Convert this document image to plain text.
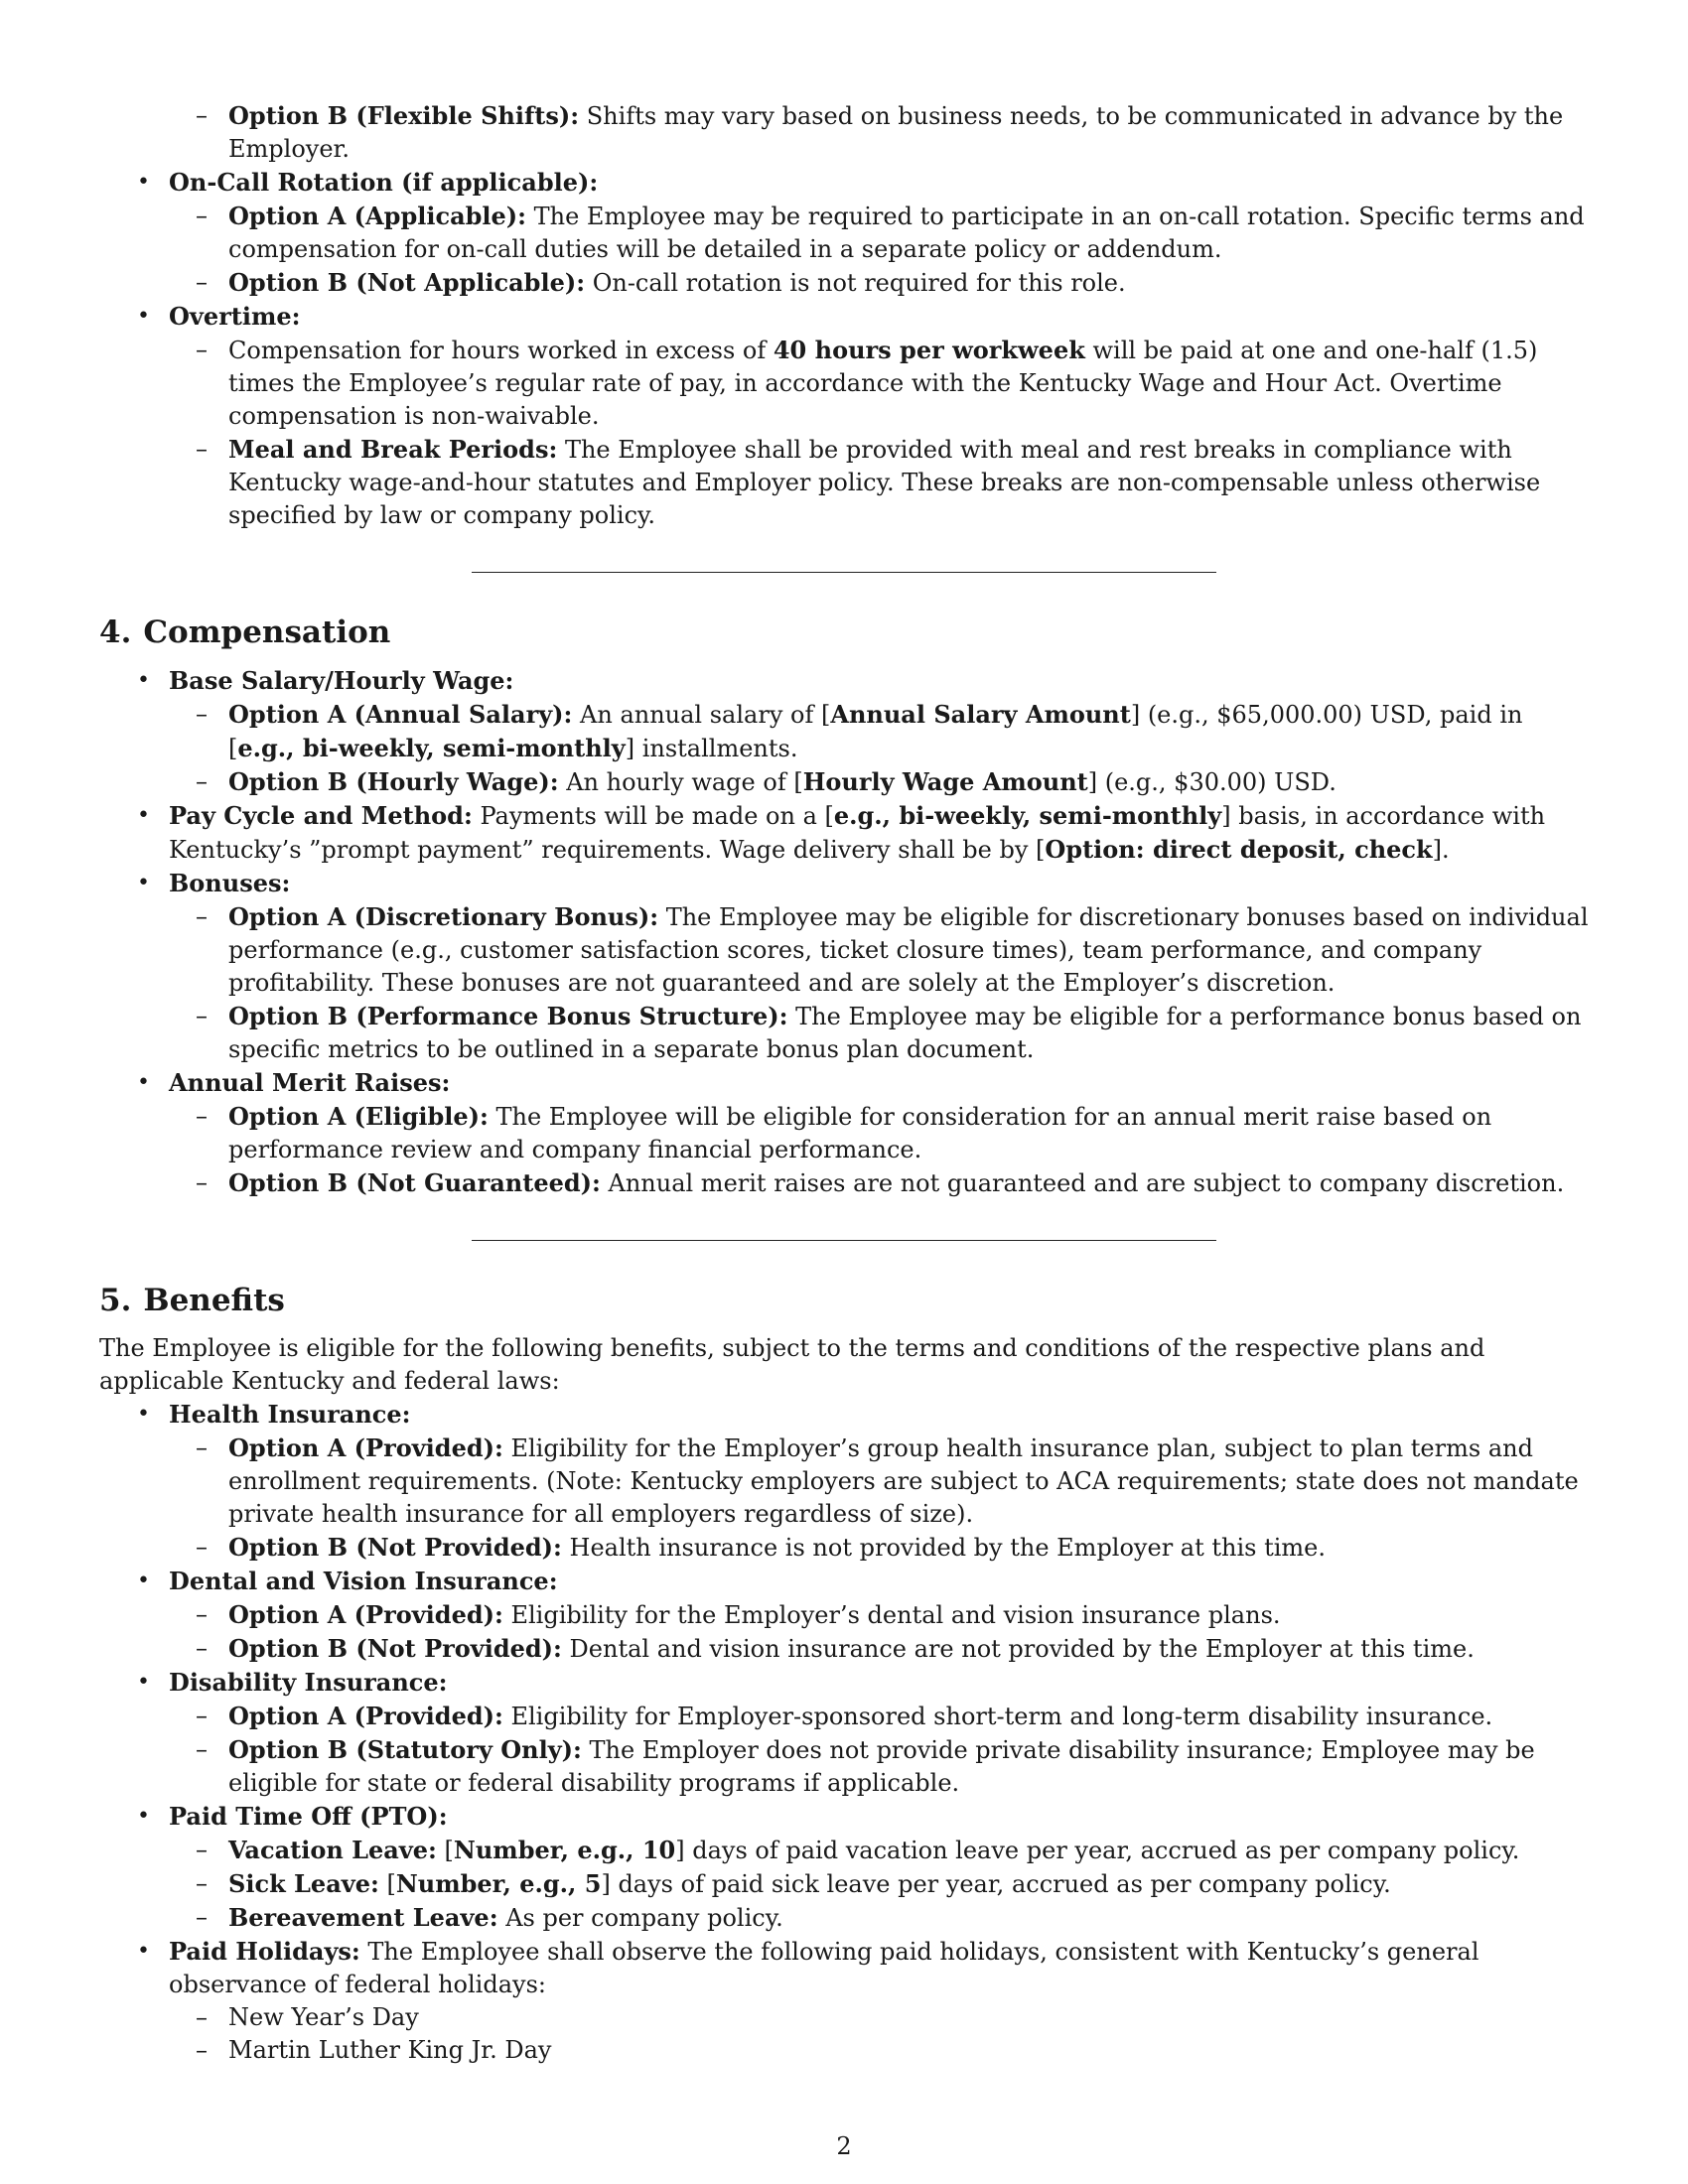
– Option B (Flexible Shifts): Shifts may vary based on business needs, to be communicated in advance by the Employer.
• On-Call Rotation (if applicable):
– Option A (Applicable): The Employee may be required to participate in an on-call rotation. Specific terms and compensation for on-call duties will be detailed in a separate policy or addendum.
– Option B (Not Applicable): On-call rotation is not required for this role.
• Overtime:
– Compensation for hours worked in excess of 40 hours per workweek will be paid at one and one-half (1.5) times the Employee’s regular rate of pay, in accordance with the Kentucky Wage and Hour Act. Overtime compensation is non-waivable.
– Meal and Break Periods: The Employee shall be provided with meal and rest breaks in compliance with Kentucky wage-and-hour statutes and Employer policy. These breaks are non-compensable unless otherwise specified by law or company policy.
4. Compensation
• Base Salary/Hourly Wage:
– Option A (Annual Salary): An annual salary of [Annual Salary Amount] (e.g., $65,000.00) USD, paid in [e.g., bi-weekly, semi-monthly] installments.
– Option B (Hourly Wage): An hourly wage of [Hourly Wage Amount] (e.g., $30.00) USD.
• Pay Cycle and Method: Payments will be made on a [e.g., bi-weekly, semi-monthly] basis, in accordance with Kentucky’s ”prompt payment” requirements. Wage delivery shall be by [Option: direct deposit, check].
• Bonuses:
– Option A (Discretionary Bonus): The Employee may be eligible for discretionary bonuses based on individual performance (e.g., customer satisfaction scores, ticket closure times), team performance, and company profitability. These bonuses are not guaranteed and are solely at the Employer’s discretion.
– Option B (Performance Bonus Structure): The Employee may be eligible for a performance bonus based on specific metrics to be outlined in a separate bonus plan document.
• Annual Merit Raises:
– Option A (Eligible): The Employee will be eligible for consideration for an annual merit raise based on performance review and company financial performance.
– Option B (Not Guaranteed): Annual merit raises are not guaranteed and are subject to company discretion.
5. Benefits

The Employee is eligible for the following benefits, subject to the terms and conditions of the respective plans and applicable Kentucky and federal laws:

• Health Insurance:
– Option A (Provided): Eligibility for the Employer’s group health insurance plan, subject to plan terms and enrollment requirements. (Note: Kentucky employers are subject to ACA requirements; state does not mandate private health insurance for all employers regardless of size).
– Option B (Not Provided): Health insurance is not provided by the Employer at this time.
• Dental and Vision Insurance:
– Option A (Provided): Eligibility for the Employer’s dental and vision insurance plans.
– Option B (Not Provided): Dental and vision insurance are not provided by the Employer at this time.
• Disability Insurance:
– Option A (Provided): Eligibility for Employer-sponsored short-term and long-term disability insurance.
– Option B (Statutory Only): The Employer does not provide private disability insurance; Employee may be eligible for state or federal disability programs if applicable.
• Paid Time Off (PTO):
– Vacation Leave: [Number, e.g., 10] days of paid vacation leave per year, accrued as per company policy.
– Sick Leave: [Number, e.g., 5] days of paid sick leave per year, accrued as per company policy.
– Bereavement Leave: As per company policy.
• Paid Holidays: The Employee shall observe the following paid holidays, consistent with Kentucky’s general observance of federal holidays:
– New Year’s Day
– Martin Luther King Jr. Day
2
